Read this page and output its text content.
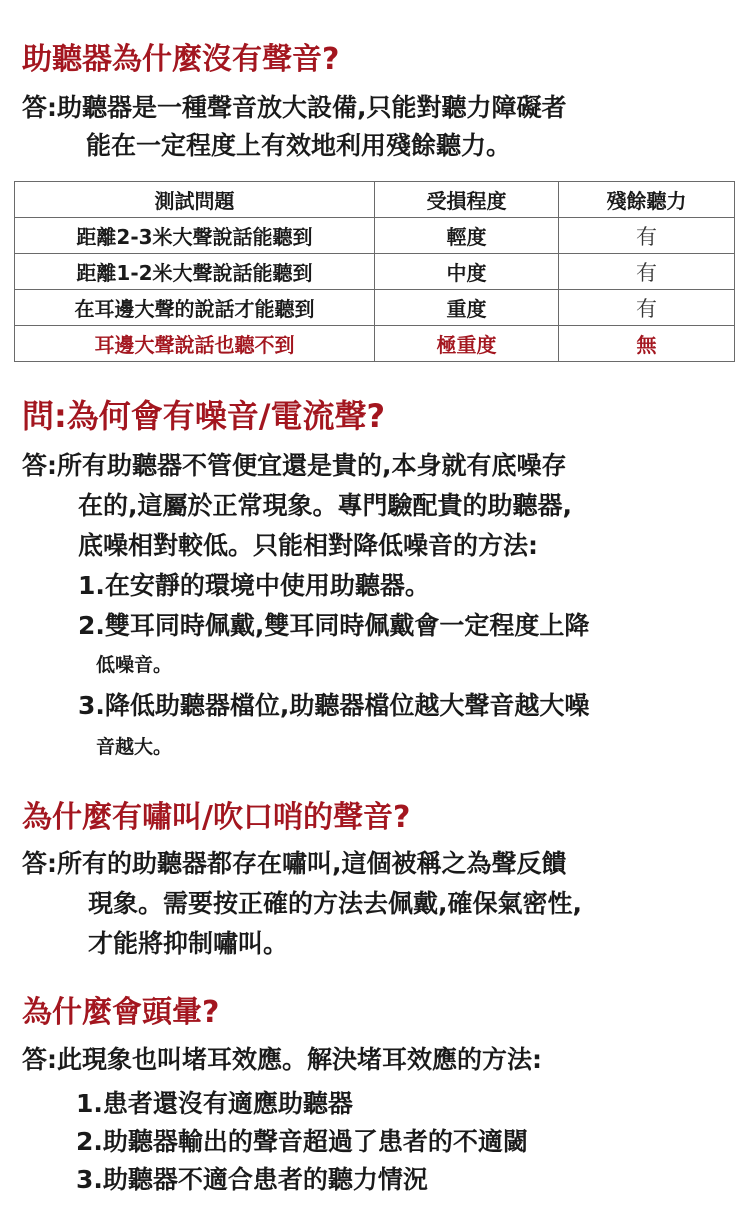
助聽器為什麼沒有聲音?

答:助聽器是一種聲音放大設備,只能對聽力障礙者

能在一定程度上有效地利用殘餘聽力。

測試問題	受損程度	殘餘聽力
距離2-3米大聲說話能聽到	輕度	有
距離1-2米大聲說話能聽到	中度	有
在耳邊大聲的說話才能聽到	重度	有
耳邊大聲說話也聽不到	極重度	無
問:為何會有噪音/電流聲?

答:所有助聽器不管便宜還是貴的,本身就有底噪存

在的,這屬於正常現象。專門驗配貴的助聽器,

底噪相對較低。只能相對降低噪音的方法:

1.在安靜的環境中使用助聽器。

2.雙耳同時佩戴,雙耳同時佩戴會一定程度上降

低噪音。

3.降低助聽器檔位,助聽器檔位越大聲音越大噪

音越大。

為什麼有嘯叫/吹口哨的聲音?

答:所有的助聽器都存在嘯叫,這個被稱之為聲反饋

現象。需要按正確的方法去佩戴,確保氣密性,

才能將抑制嘯叫。

為什麼會頭暈?

答:此現象也叫堵耳效應。解決堵耳效應的方法:

1.患者還沒有適應助聽器

2.助聽器輸出的聲音超過了患者的不適閾

3.助聽器不適合患者的聽力情況
